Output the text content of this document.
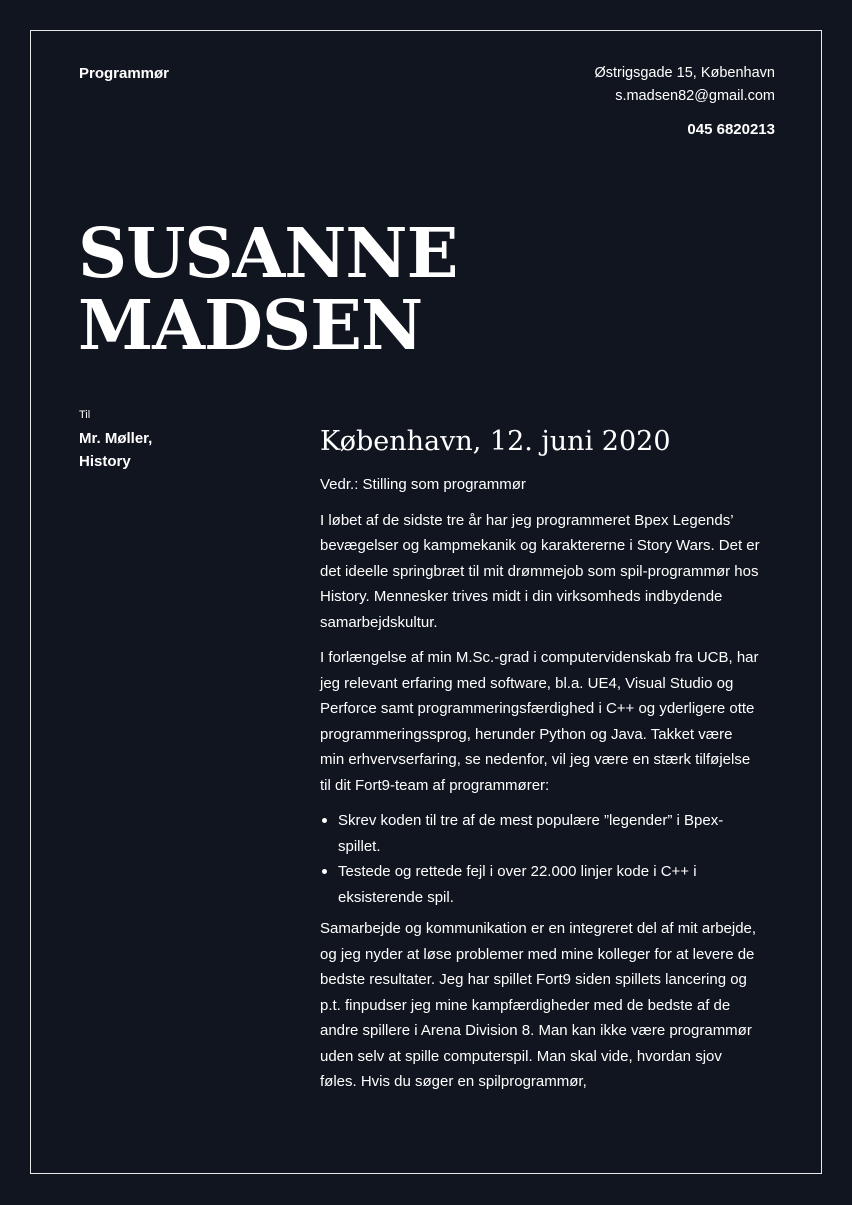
Programmør	Østrigsgade 15, København
s.madsen82@gmail.com
045 6820213
SUSANNE
MADSEN
Til
Mr. Møller,
History
København, 12. juni 2020

Vedr.: Stilling som programmør

I løbet af de sidste tre år har jeg programmeret Bpex Legends’ bevægelser og kampmekanik og karaktererne i Story Wars. Det er det ideelle springbræt til mit drømmejob som spil-programmør hos History. Mennesker trives midt i din virksomheds indbydende samarbejdskultur.

I forlængelse af min M.Sc.-grad i computervidenskab fra UCB, har jeg relevant erfaring med software, bl.a. UE4, Visual Studio og Perforce samt programmeringsfærdighed i C++ og yderligere otte programmeringssprog, herunder Python og Java. Takket være min erhvervserfaring, se nedenfor, vil jeg være en stærk tilføjelse til dit Fort9-team af programmører:

Skrev koden til tre af de mest populære ”legender” i Bpex-spillet.
Testede og rettede fejl i over 22.000 linjer kode i C++ i eksisterende spil.

Samarbejde og kommunikation er en integreret del af mit arbejde, og jeg nyder at løse problemer med mine kolleger for at levere de bedste resultater. Jeg har spillet Fort9 siden spillets lancering og p.t. finpudser jeg mine kampfærdigheder med de bedste af de andre spillere i Arena Division 8. Man kan ikke være programmør uden selv at spille computerspil. Man skal vide, hvordan sjov føles. Hvis du søger en spilprogrammør,
